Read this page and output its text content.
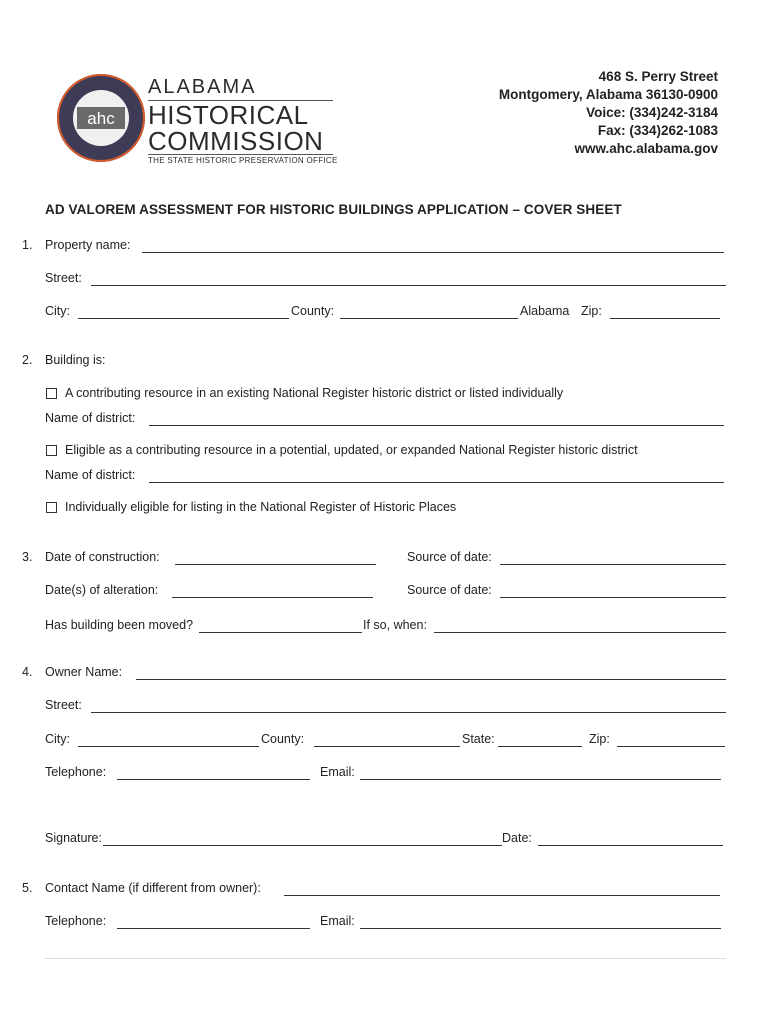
ahc
ALABAMA
HISTORICAL
COMMISSION
THE STATE HISTORIC PRESERVATION OFFICE
468 S. Perry Street
Montgomery, Alabama 36130-0900
Voice: (334)242-3184
Fax: (334)262-1083
www.ahc.alabama.gov
AD VALOREM ASSESSMENT FOR HISTORIC BUILDINGS APPLICATION – COVER SHEET
1. Property name:
Street:
City:	County:	Alabama Zip:
2. Building is:
A contributing resource in an existing National Register historic district or listed individually
Name of district:
Eligible as a contributing resource in a potential, updated, or expanded National Register historic district
Name of district:
Individually eligible for listing in the National Register of Historic Places
3. Date of construction:	Source of date:
Date(s) of alteration:	Source of date:
Has building been moved?	If so, when:
4. Owner Name:
Street:
City:	County:	State:	Zip:
Telephone:	Email:
Signature:	Date:
5. Contact Name (if different from owner):
Telephone:	Email:
